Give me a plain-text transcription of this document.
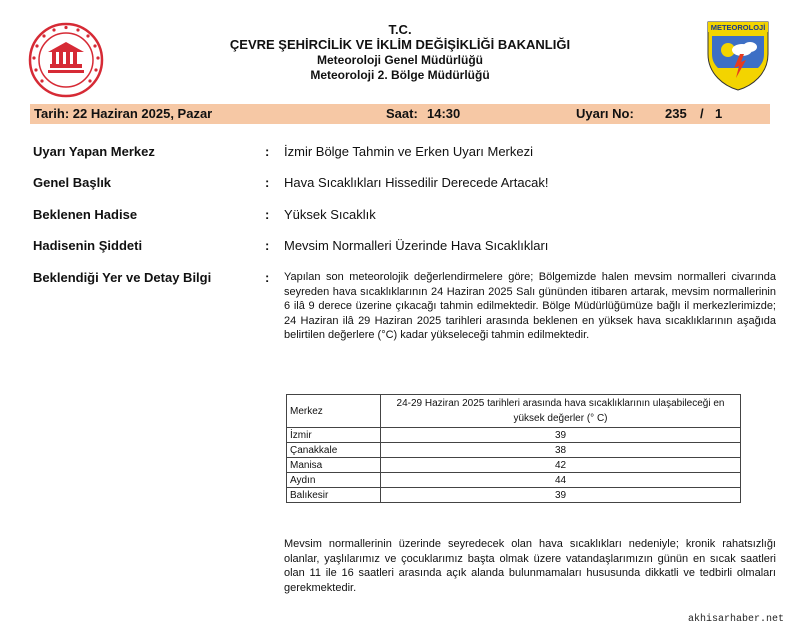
METEOROLOJİ
T.C.
ÇEVRE ŞEHİRCİLİK VE İKLİM DEĞİŞİKLİĞİ BAKANLIĞI
Meteoroloji Genel Müdürlüğü
Meteoroloji 2. Bölge Müdürlüğü
Tarih: 22 Haziran 2025, Pazar	Saat: 14:30	Uyarı No: 235 / 1
Uyarı Yapan Merkez	: İzmir Bölge Tahmin ve Erken Uyarı Merkezi
Genel Başlık	: Hava Sıcaklıkları Hissedilir Derecede Artacak!
Beklenen Hadise	: Yüksek Sıcaklık
Hadisenin Şiddeti	: Mevsim Normalleri Üzerinde Hava Sıcaklıkları
Beklendiği Yer ve Detay Bilgi	: Yapılan son meteorolojik değerlendirmelere göre; Bölgemizde halen mevsim normalleri civarında seyreden hava sıcaklıklarının 24 Haziran 2025 Salı gününden itibaren artarak, mevsim normallerinin 6 ilâ 9 derece üzerine çıkacağı tahmin edilmektedir. Bölge Müdürlüğümüze bağlı il merkezlerimizde; 24 Haziran ilâ 29 Haziran 2025 tarihleri arasında beklenen en yüksek hava sıcaklıklarının aşağıda belirtilen değerlere (°C) kadar yükseleceği tahmin edilmektedir.
Merkez	24-29 Haziran 2025 tarihleri arasında hava sıcaklıklarının ulaşabileceği en yüksek değerler (° C)
İzmir	39
Çanakkale	38
Manisa	42
Aydın	44
Balıkesir	39
Mevsim normallerinin üzerinde seyredecek olan hava sıcaklıkları nedeniyle; kronik rahatsızlığı olanlar, yaşlılarımız ve çocuklarımız başta olmak üzere vatandaşlarımızın günün en sıcak saatleri olan 11 ile 16 saatleri arasında açık alanda bulunmamaları hususunda dikkatli ve tedbirli olmaları gerekmektedir.
akhisarhaber.net
